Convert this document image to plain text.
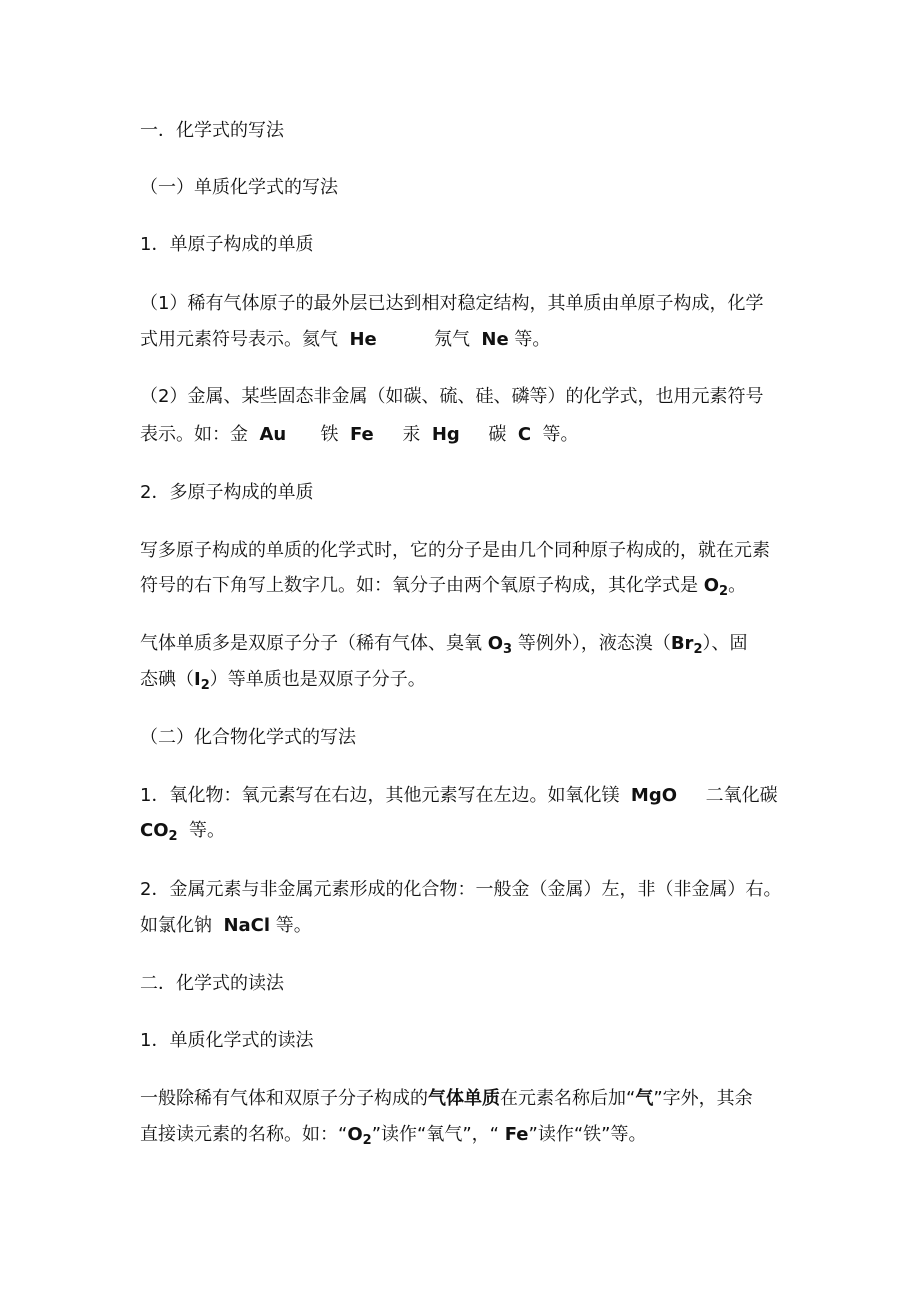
一．化学式的写法
（一）单质化学式的写法
1．单原子构成的单质
（1）稀有气体原子的最外层已达到相对稳定结构，其单质由单原子构成，化学
式用元素符号表示。氦气  He          氖气  Ne 等。
（2）金属、某些固态非金属（如碳、硫、硅、磷等）的化学式，也用元素符号
表示。如：金  Au      铁  Fe     汞  Hg     碳  C  等。
2．多原子构成的单质
写多原子构成的单质的化学式时，它的分子是由几个同种原子构成的，就在元素
符号的右下角写上数字几。如：氧分子由两个氧原子构成，其化学式是 $O_2$。
气体单质多是双原子分子（稀有气体、臭氧 $O_3$ 等例外），液态溴$(Br_2)$、固
态碘$(I_2)$等单质也是双原子分子。
（二）化合物化学式的写法
1．氧化物：氧元素写在右边，其他元素写在左边。如氧化镁  MgO     二氧化碳
$CO_2$  等。
2．金属元素与非金属元素形成的化合物：一般金（金属）左，非（非金属）右。
如氯化钠  NaCl 等。
二．化学式的读法
1．单质化学式的读法
一般除稀有气体和双原子分子构成的气体单质在元素名称后加“气”字外，其余
直接读元素的名称。如：“$O_2$”读作“氧气”，“ Fe”读作“铁”等。
